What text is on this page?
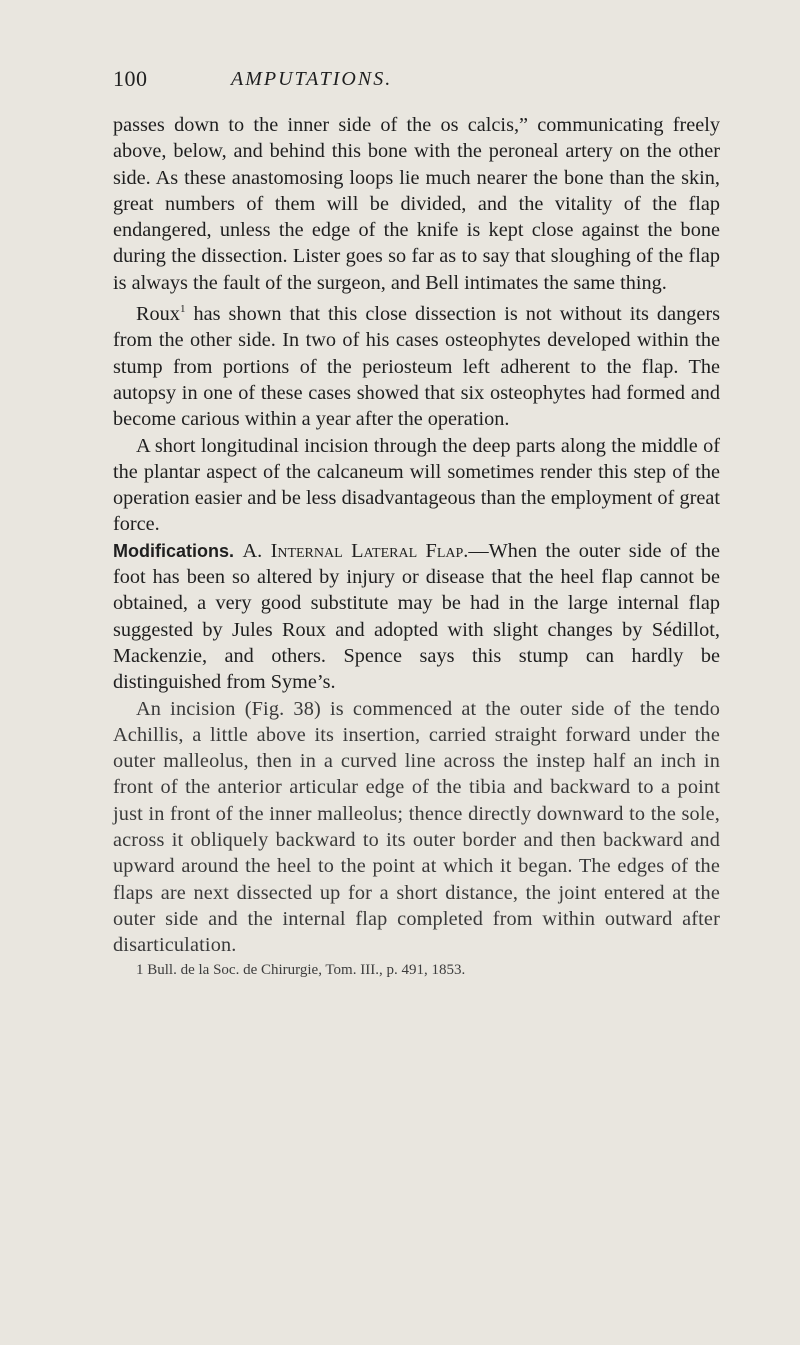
100	AMPUTATIONS.

passes down to the inner side of the os calcis,” communicating freely above, below, and behind this bone with the peroneal artery on the other side. As these anastomosing loops lie much nearer the bone than the skin, great numbers of them will be divided, and the vitality of the flap endangered, unless the edge of the knife is kept close against the bone during the dissection. Lister goes so far as to say that sloughing of the flap is always the fault of the surgeon, and Bell intimates the same thing.

Roux$^1$ has shown that this close dissection is not without its dangers from the other side. In two of his cases osteophytes developed within the stump from portions of the periosteum left adherent to the flap. The autopsy in one of these cases showed that six osteophytes had formed and become carious within a year after the operation.

A short longitudinal incision through the deep parts along the middle of the plantar aspect of the calcaneum will sometimes render this step of the operation easier and be less disadvantageous than the employment of great force.

Modifications. A. Internal Lateral Flap.—When the outer side of the foot has been so altered by injury or disease that the heel flap cannot be obtained, a very good substitute may be had in the large internal flap suggested by Jules Roux and adopted with slight changes by Sédillot, Mackenzie, and others. Spence says this stump can hardly be distinguished from Syme’s.

An incision (Fig. 38) is commenced at the outer side of the tendo Achillis, a little above its insertion, carried straight forward under the outer malleolus, then in a curved line across the instep half an inch in front of the anterior articular edge of the tibia and backward to a point just in front of the inner malleolus; thence directly downward to the sole, across it obliquely backward to its outer border and then backward and upward around the heel to the point at which it began. The edges of the flaps are next dissected up for a short distance, the joint entered at the outer side and the internal flap completed from within outward after disarticulation.

1 Bull. de la Soc. de Chirurgie, Tom. III., p. 491, 1853.
